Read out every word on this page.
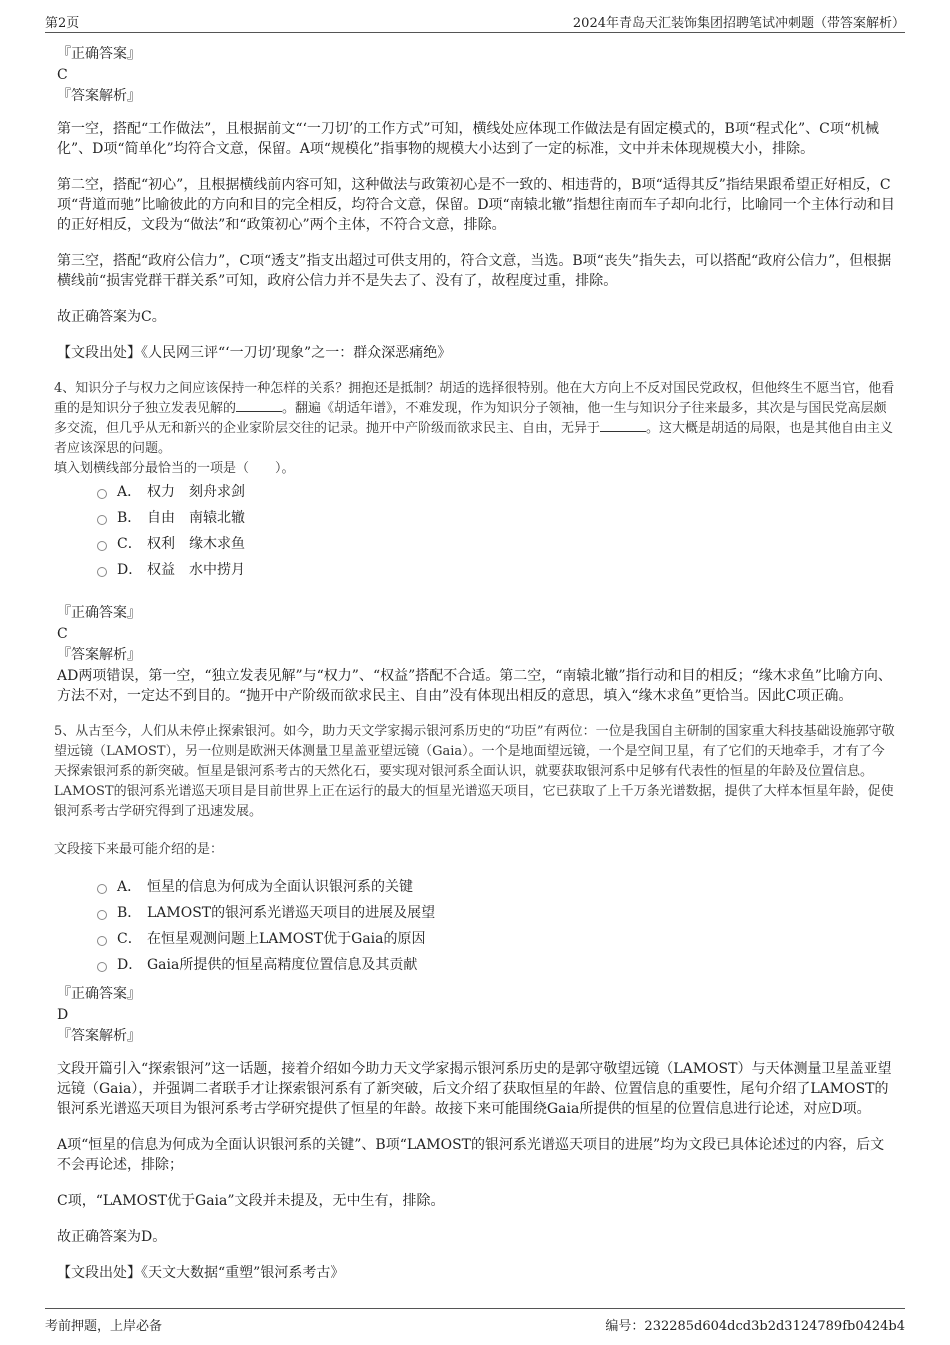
第2页	2024年青岛天汇装饰集团招聘笔试冲刺题（带答案解析）
『正确答案』
C
『答案解析』

第一空，搭配“工作做法”，且根据前文“‘一刀切’的工作方式”可知，横线处应体现工作做法是有固定模式的，B项“程式化”、C项“机械化”、D项“简单化”均符合文意，保留。A项“规模化”指事物的规模大小达到了一定的标准，文中并未体现规模大小，排除。

第二空，搭配“初心”，且根据横线前内容可知，这种做法与政策初心是不一致的、相违背的，B项“适得其反”指结果跟希望正好相反，C项“背道而驰”比喻彼此的方向和目的完全相反，均符合文意，保留。D项“南辕北辙”指想往南而车子却向北行，比喻同一个主体行动和目的正好相反，文段为“做法”和“政策初心”两个主体，不符合文意，排除。

第三空，搭配“政府公信力”，C项“透支”指支出超过可供支用的，符合文意，当选。B项“丧失”指失去，可以搭配“政府公信力”，但根据横线前“损害党群干群关系”可知，政府公信力并不是失去了、没有了，故程度过重，排除。

故正确答案为C。

【文段出处】《人民网三评“‘一刀切’现象”之一：群众深恶痛绝》

4、知识分子与权力之间应该保持一种怎样的关系？拥抱还是抵制？胡适的选择很特别。他在大方向上不反对国民党政权，但他终生不愿当官，他看重的是知识分子独立发表见解的	。翻遍《胡适年谱》，不难发现，作为知识分子领袖，他一生与知识分子往来最多，其次是与国民党高层颇多交流，但几乎从无和新兴的企业家阶层交往的记录。抛开中产阶级而欲求民主、自由，无异于	。这大概是胡适的局限，也是其他自由主义者应该深思的问题。
填入划横线部分最恰当的一项是（　　）。
A． 权力　刻舟求剑
B． 自由　南辕北辙
C． 权利　缘木求鱼
D． 权益　水中捞月
『正确答案』
C
『答案解析』

AD两项错误，第一空，“独立发表见解”与“权力”、“权益”搭配不合适。第二空，“南辕北辙”指行动和目的相反；“缘木求鱼”比喻方向、方法不对，一定达不到目的。“抛开中产阶级而欲求民主、自由”没有体现出相反的意思，填入“缘木求鱼”更恰当。因此C项正确。

5、从古至今，人们从未停止探索银河。如今，助力天文学家揭示银河系历史的“功臣”有两位：一位是我国自主研制的国家重大科技基础设施郭守敬望远镜（LAMOST），另一位则是欧洲天体测量卫星盖亚望远镜（Gaia）。一个是地面望远镜，一个是空间卫星，有了它们的天地牵手，才有了今天探索银河系的新突破。恒星是银河系考古的天然化石，要实现对银河系全面认识，就要获取银河系中足够有代表性的恒星的年龄及位置信息。LAMOST的银河系光谱巡天项目是目前世界上正在运行的最大的恒星光谱巡天项目，它已获取了上千万条光谱数据，提供了大样本恒星年龄，促使银河系考古学研究得到了迅速发展。
文段接下来最可能介绍的是：
A． 恒星的信息为何成为全面认识银河系的关键
B． LAMOST的银河系光谱巡天项目的进展及展望
C． 在恒星观测问题上LAMOST优于Gaia的原因
D． Gaia所提供的恒星高精度位置信息及其贡献
『正确答案』
D
『答案解析』

文段开篇引入“探索银河”这一话题，接着介绍如今助力天文学家揭示银河系历史的是郭守敬望远镜（LAMOST）与天体测量卫星盖亚望远镜（Gaia），并强调二者联手才让探索银河系有了新突破，后文介绍了获取恒星的年龄、位置信息的重要性，尾句介绍了LAMOST的银河系光谱巡天项目为银河系考古学研究提供了恒星的年龄。故接下来可能围绕Gaia所提供的恒星的位置信息进行论述，对应D项。

A项“恒星的信息为何成为全面认识银河系的关键”、B项“LAMOST的银河系光谱巡天项目的进展”均为文段已具体论述过的内容，后文不会再论述，排除；

C项，“LAMOST优于Gaia”文段并未提及，无中生有，排除。

故正确答案为D。

【文段出处】《天文大数据“重塑”银河系考古》

考前押题，上岸必备	编号：232285d604dcd3b2d3124789fb0424b4
